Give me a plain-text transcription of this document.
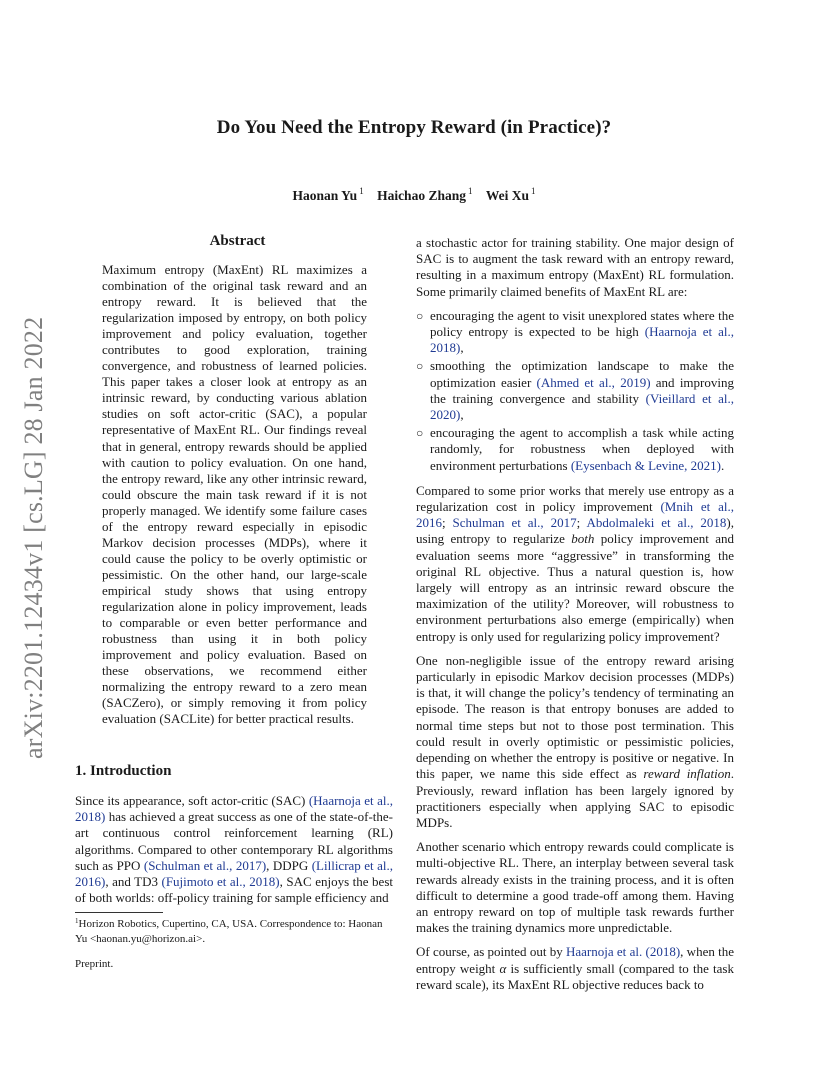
arXiv:2201.12434v1 [cs.LG] 28 Jan 2022
Do You Need the Entropy Reward (in Practice)?
Haonan Yu $^1$ Haichao Zhang $^1$ Wei Xu $^1$
Abstract
Maximum entropy (MaxEnt) RL maximizes a combination of the original task reward and an entropy reward. It is believed that the regularization imposed by entropy, on both policy improvement and policy evaluation, together contributes to good exploration, training convergence, and robustness of learned policies. This paper takes a closer look at entropy as an intrinsic reward, by conducting various ablation studies on soft actor-critic (SAC), a popular representative of MaxEnt RL. Our findings reveal that in general, entropy rewards should be applied with caution to policy evaluation. On one hand, the entropy reward, like any other intrinsic reward, could obscure the main task reward if it is not properly managed. We identify some failure cases of the entropy reward especially in episodic Markov decision processes (MDPs), where it could cause the policy to be overly optimistic or pessimistic. On the other hand, our large-scale empirical study shows that using entropy regularization alone in policy improvement, leads to comparable or even better performance and robustness than using it in both policy improvement and policy evaluation. Based on these observations, we recommend either normalizing the entropy reward to a zero mean (SACZero), or simply removing it from policy evaluation (SACLite) for better practical results.
1. Introduction
Since its appearance, soft actor-critic (SAC) (Haarnoja et al., 2018) has achieved a great success as one of the state-of-the-art continuous control reinforcement learning (RL) algorithms. Compared to other contemporary RL algorithms such as PPO (Schulman et al., 2017), DDPG (Lillicrap et al., 2016), and TD3 (Fujimoto et al., 2018), SAC enjoys the best of both worlds: off-policy training for sample efficiency and
$^1$Horizon Robotics, Cupertino, CA, USA. Correspondence to: Haonan Yu <haonan.yu@horizon.ai>.
Preprint.

a stochastic actor for training stability. One major design of SAC is to augment the task reward with an entropy reward, resulting in a maximum entropy (MaxEnt) RL formulation. Some primarily claimed benefits of MaxEnt RL are:

○ encouraging the agent to visit unexplored states where the policy entropy is expected to be high (Haarnoja et al., 2018),
○ smoothing the optimization landscape to make the optimization easier (Ahmed et al., 2019) and improving the training convergence and stability (Vieillard et al., 2020),
○ encouraging the agent to accomplish a task while acting randomly, for robustness when deployed with environment perturbations (Eysenbach & Levine, 2021).

Compared to some prior works that merely use entropy as a regularization cost in policy improvement (Mnih et al., 2016; Schulman et al., 2017; Abdolmaleki et al., 2018), using entropy to regularize both policy improvement and evaluation seems more “aggressive” in transforming the original RL objective. Thus a natural question is, how largely will entropy as an intrinsic reward obscure the maximization of the utility? Moreover, will robustness to environment perturbations also emerge (empirically) when entropy is only used for regularizing policy improvement?

One non-negligible issue of the entropy reward arising particularly in episodic Markov decision processes (MDPs) is that, it will change the policy’s tendency of terminating an episode. The reason is that entropy bonuses are added to normal time steps but not to those post termination. This could result in overly optimistic or pessimistic policies, depending on whether the entropy is positive or negative. In this paper, we name this side effect as reward inflation. Previously, reward inflation has been largely ignored by practitioners especially when applying SAC to episodic MDPs.

Another scenario which entropy rewards could complicate is multi-objective RL. There, an interplay between several task rewards already exists in the training process, and it is often difficult to determine a good trade-off among them. Having an entropy reward on top of multiple task rewards further makes the training dynamics more unpredictable.

Of course, as pointed out by Haarnoja et al. (2018), when the entropy weight α is sufficiently small (compared to the task reward scale), its MaxEnt RL objective reduces back to
